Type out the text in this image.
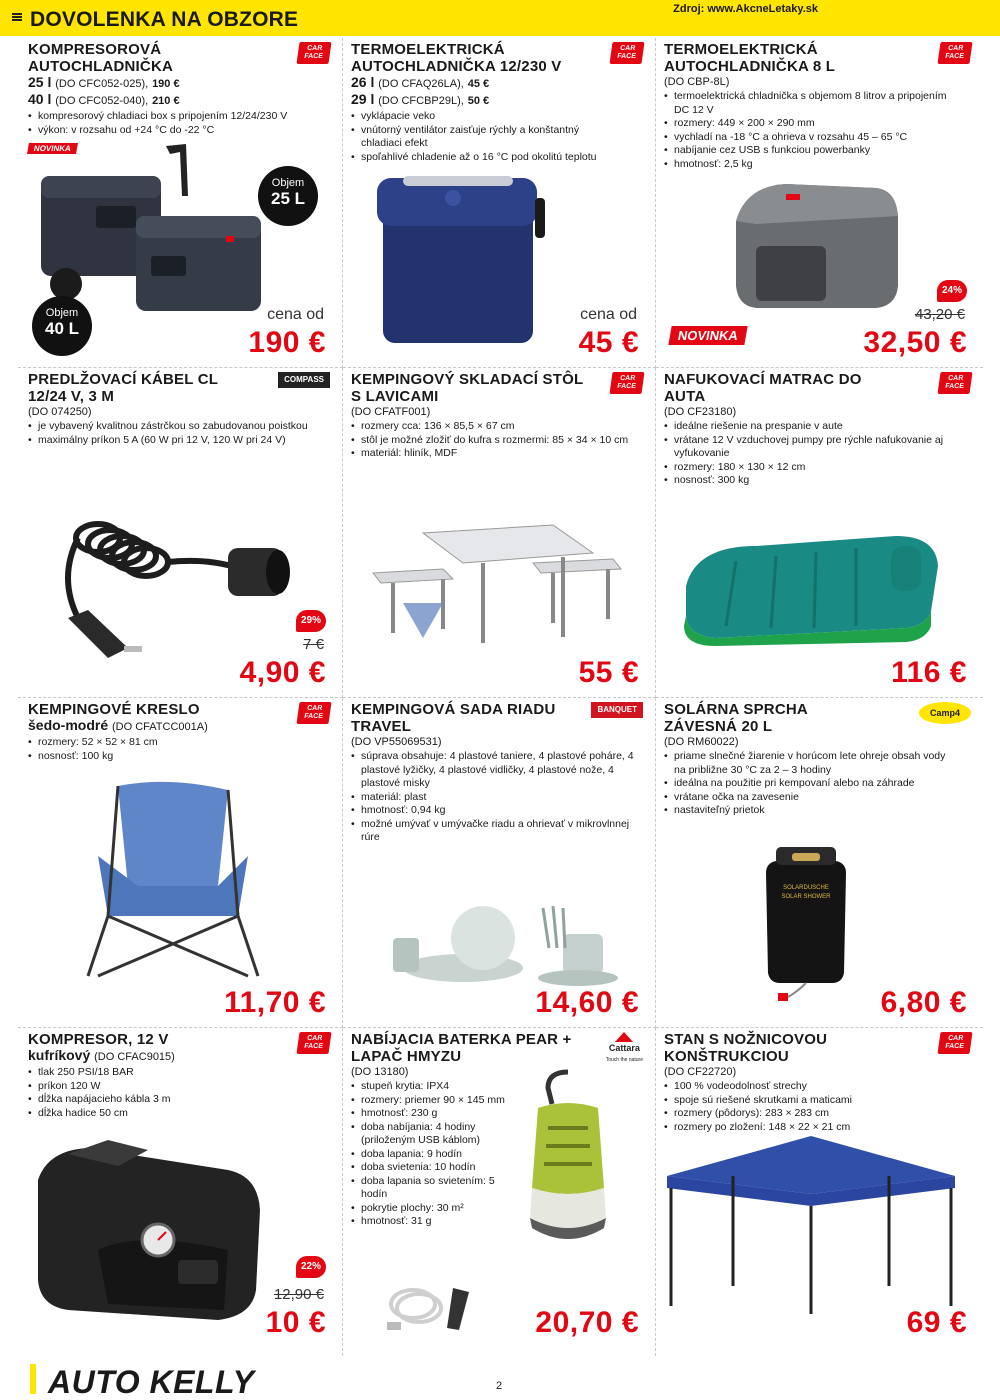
DOVOLENKA NA OBZORE	Zdroj: www.AkcneLetaky.sk
CAR FACE
KOMPRESOROVÁ AUTOCHLADNIČKA
25 l (DO CFC052-025), 190 €
40 l (DO CFC052-040), 210 €
• kompresorový chladiaci box s pripojením 12/24/230 V
• výkon: v rozsahu od +24 °C do -22 °C
NOVINKA
Objem
25 L
Objem
40 L
cena od
190 €
CAR FACE
TERMOELEKTRICKÁ AUTOCHLADNIČKA 12/230 V
26 l (DO CFAQ26LA), 45 €
29 l (DO CFCBP29L), 50 €
• vyklápacie veko
• vnútorný ventilátor zaisťuje rýchly a konštantný chladiaci efekt
• spoľahlivé chladenie až o 16 °C pod okolitú teplotu
cena od
45 €
CAR FACE
TERMOELEKTRICKÁ AUTOCHLADNIČKA 8 L
(DO CBP-8L)
• termoelektrická chladnička s objemom 8 litrov a pripojením DC 12 V
• rozmery: 449 × 200 × 290 mm
• vychladí na -18 °C a ohrieva v rozsahu 45 – 65 °C
• nabíjanie cez USB s funkciou powerbanky
• hmotnosť: 2,5 kg
24%
43,20 €
NOVINKA	32,50 €
COMPASS
PREDLŽOVACÍ KÁBEL CL 12/24 V, 3 M
(DO 074250)
• je vybavený kvalitnou zástrčkou so zabudovanou poistkou
• maximálny príkon 5 A (60 W pri 12 V, 120 W pri 24 V)
29%
7 €
4,90 €
CAR FACE
KEMPINGOVÝ SKLADACÍ STÔL S LAVICAMI
(DO CFATF001)
• rozmery cca: 136 × 85,5 × 67 cm
• stôl je možné zložiť do kufra s rozmermi: 85 × 34 × 10 cm
• materiál: hliník, MDF
55 €
CAR FACE
NAFUKOVACÍ MATRAC DO AUTA
(DO CF23180)
• ideálne riešenie na prespanie v aute
• vrátane 12 V vzduchovej pumpy pre rýchle nafukovanie aj vyfukovanie
• rozmery: 180 × 130 × 12 cm
• nosnosť: 300 kg
116 €
CAR FACE
KEMPINGOVÉ KRESLO
šedo-modré (DO CFATCC001A)
• rozmery: 52 × 52 × 81 cm
• nosnosť: 100 kg
11,70 €
BANQUET
KEMPINGOVÁ SADA RIADU TRAVEL
(DO VP55069531)
• súprava obsahuje: 4 plastové taniere, 4 plastové poháre, 4 plastové lyžičky, 4 plastové vidličky, 4 plastové nože, 4 plastové misky
• materiál: plast
• hmotnosť: 0,94 kg
• možné umývať v umývačke riadu a ohrievať v mikrovlnnej rúre
14,60 €
Camp4
SOLÁRNA SPRCHA ZÁVESNÁ 20 L
(DO RM60022)
• priame slnečné žiarenie v horúcom lete ohreje obsah vody na približne 30 °C za 2 – 3 hodiny
• ideálna na použitie pri kempovaní alebo na záhrade
• vrátane očka na zavesenie
• nastaviteľný prietok
SOLARDUSCHE
SOLAR SHOWER
6,80 €
CAR FACE
KOMPRESOR, 12 V
kufríkový (DO CFAC9015)
• tlak 250 PSI/18 BAR
• príkon 120 W
• dĺžka napájacieho kábla 3 m
• dĺžka hadice 50 cm
22%
12,90 €
10 €
Cattara
Touch the nature
NABÍJACIA BATERKA PEAR + LAPAČ HMYZU
(DO 13180)
• stupeň krytia: IPX4
• rozmery: priemer 90 × 145 mm
• hmotnosť: 230 g
• doba nabíjania: 4 hodiny (priloženým USB káblom)
• doba lapania: 9 hodín
• doba svietenia: 10 hodín
• doba lapania so svietením: 5 hodín
• pokrytie plochy: 30 m²
• hmotnosť: 31 g
20,70 €
CAR FACE
STAN S NOŽNICOVOU KONŠTRUKCIOU
(DO CF22720)
• 100 % vodeodolnosť strechy
• spoje sú riešené skrutkami a maticami
• rozmery (pôdorys): 283 × 283 cm
• rozmery po zložení: 148 × 22 × 21 cm
69 €
AUTO KELLY	2
